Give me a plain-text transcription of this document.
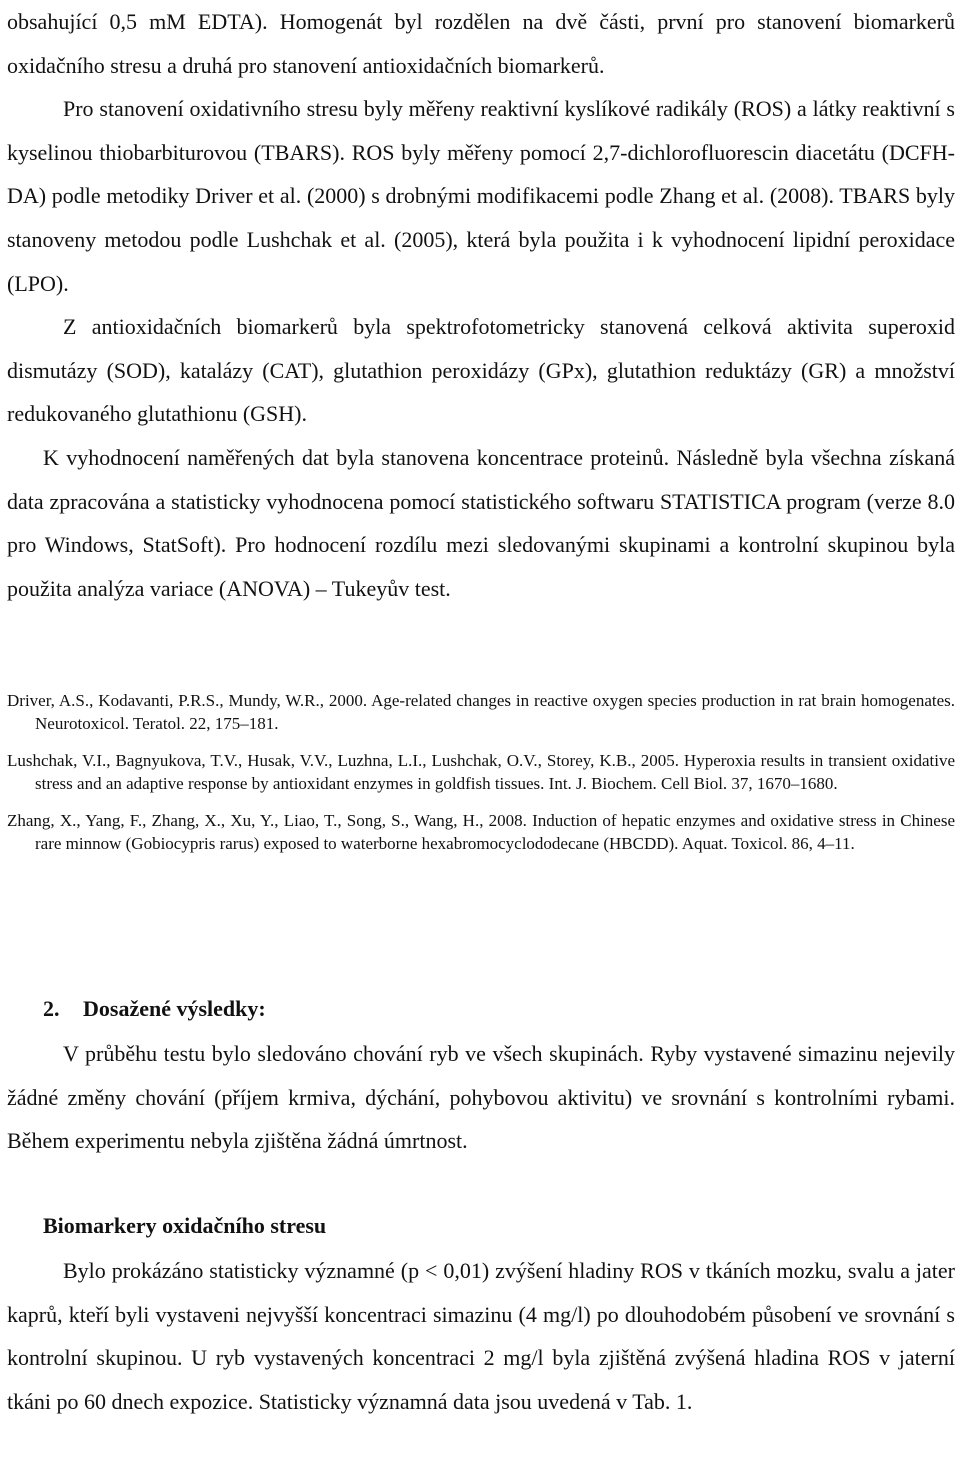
obsahující 0,5 mM EDTA). Homogenát byl rozdělen na dvě části, první pro stanovení biomarkerů oxidačního stresu a druhá pro stanovení antioxidačních biomarkerů.

Pro stanovení oxidativního stresu byly měřeny reaktivní kyslíkové radikály (ROS) a látky reaktivní s kyselinou thiobarbiturovou (TBARS). ROS byly měřeny pomocí 2,7-dichlorofluorescin diacetátu (DCFH-DA) podle metodiky Driver et al. (2000) s drobnými modifikacemi podle Zhang et al. (2008). TBARS byly stanoveny metodou podle Lushchak et al. (2005), která byla použita i k vyhodnocení lipidní peroxidace (LPO).

Z antioxidačních biomarkerů byla spektrofotometricky stanovená celková aktivita superoxid dismutázy (SOD), katalázy (CAT), glutathion peroxidázy (GPx), glutathion reduktázy (GR) a množství redukovaného glutathionu (GSH).

K vyhodnocení naměřených dat byla stanovena koncentrace proteinů. Následně byla všechna získaná data zpracována a statisticky vyhodnocena pomocí statistického softwaru STATISTICA program (verze 8.0 pro Windows, StatSoft). Pro hodnocení rozdílu mezi sledovanými skupinami a kontrolní skupinou byla použita analýza variace (ANOVA) – Tukeyův test.

Driver, A.S., Kodavanti, P.R.S., Mundy, W.R., 2000. Age-related changes in reactive oxygen species production in rat brain homogenates. Neurotoxicol. Teratol. 22, 175–181.

Lushchak, V.I., Bagnyukova, T.V., Husak, V.V., Luzhna, L.I., Lushchak, O.V., Storey, K.B., 2005. Hyperoxia results in transient oxidative stress and an adaptive response by antioxidant enzymes in goldfish tissues. Int. J. Biochem. Cell Biol. 37, 1670–1680.

Zhang, X., Yang, F., Zhang, X., Xu, Y., Liao, T., Song, S., Wang, H., 2008. Induction of hepatic enzymes and oxidative stress in Chinese rare minnow (Gobiocypris rarus) exposed to waterborne hexabromocyclododecane (HBCDD). Aquat. Toxicol. 86, 4–11.

2. Dosažené výsledky:

V průběhu testu bylo sledováno chování ryb ve všech skupinách. Ryby vystavené simazinu nejevily žádné změny chování (příjem krmiva, dýchání, pohybovou aktivitu) ve srovnání s kontrolními rybami. Během experimentu nebyla zjištěna žádná úmrtnost.

Biomarkery oxidačního stresu

Bylo prokázáno statisticky významné (p < 0,01) zvýšení hladiny ROS v tkáních mozku, svalu a jater kaprů, kteří byli vystaveni nejvyšší koncentraci simazinu (4 mg/l) po dlouhodobém působení ve srovnání s kontrolní skupinou. U ryb vystavených koncentraci 2 mg/l byla zjištěná zvýšená hladina ROS v jaterní tkáni po 60 dnech expozice. Statisticky významná data jsou uvedená v Tab. 1.
